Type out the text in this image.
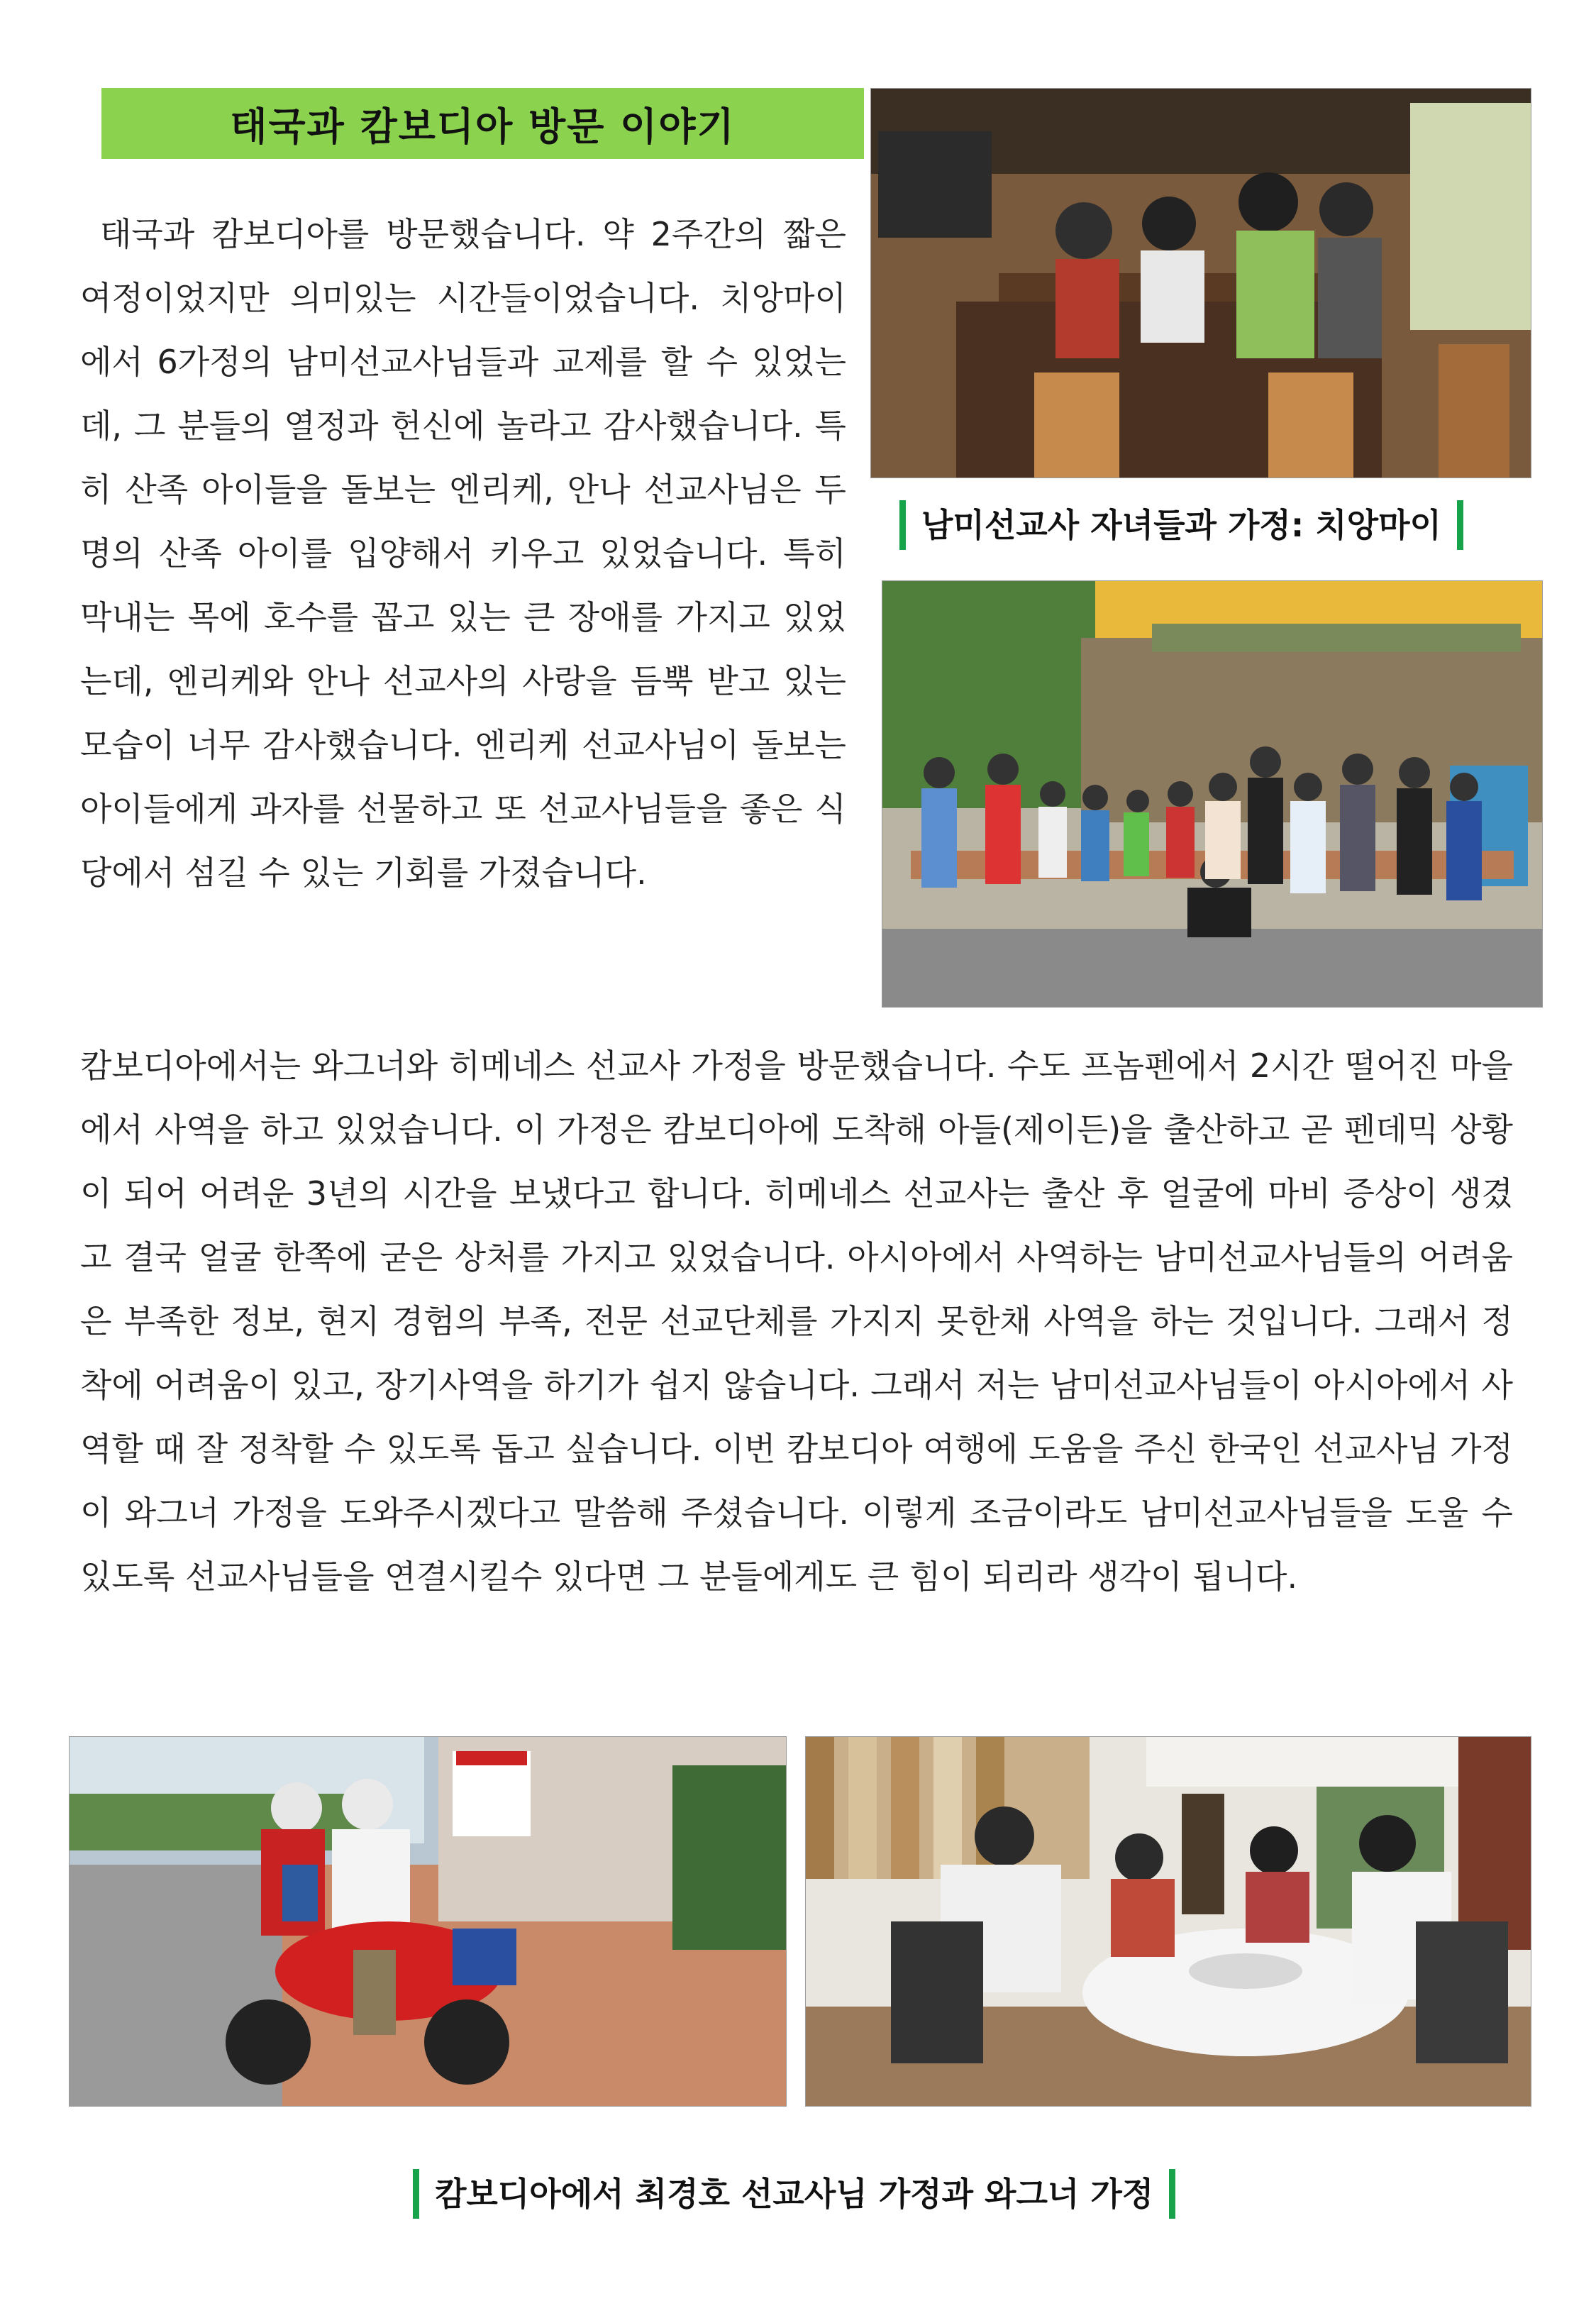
태국과 캄보디아 방문 이야기
태국과 캄보디아를 방문했습니다. 약 2주간의 짧은 여정이었지만 의미있는 시간들이었습니다. 치앙마이에서 6가정의 남미선교사님들과 교제를 할 수 있었는데, 그 분들의 열정과 헌신에 놀라고 감사했습니다. 특히 산족 아이들을 돌보는 엔리케, 안나 선교사님은 두 명의 산족 아이를 입양해서 키우고 있었습니다. 특히 막내는 목에 호수를 꼽고 있는 큰 장애를 가지고 있었는데, 엔리케와 안나 선교사의 사랑을 듬뿍 받고 있는 모습이 너무 감사했습니다. 엔리케 선교사님이 돌보는 아이들에게 과자를 선물하고 또 선교사님들을 좋은 식당에서 섬길 수 있는 기회를 가졌습니다.
남미선교사 자녀들과 가정: 치앙마이
캄보디아에서는 와그너와 히메네스 선교사 가정을 방문했습니다. 수도 프놈펜에서 2시간 떨어진 마을에서 사역을 하고 있었습니다. 이 가정은 캄보디아에 도착해 아들(제이든)을 출산하고 곧 펜데믹 상황이 되어 어려운 3년의 시간을 보냈다고 합니다. 히메네스 선교사는 출산 후 얼굴에 마비 증상이 생겼고 결국 얼굴 한쪽에 굳은 상처를 가지고 있었습니다. 아시아에서 사역하는 남미선교사님들의 어려움은 부족한 정보, 현지 경험의 부족, 전문 선교단체를 가지지 못한채 사역을 하는 것입니다. 그래서 정착에 어려움이 있고, 장기사역을 하기가 쉽지 않습니다. 그래서 저는 남미선교사님들이 아시아에서 사역할 때 잘 정착할 수 있도록 돕고 싶습니다. 이번 캄보디아 여행에 도움을 주신 한국인 선교사님 가정이 와그너 가정을 도와주시겠다고 말씀해 주셨습니다. 이렇게 조금이라도 남미선교사님들을 도울 수 있도록 선교사님들을 연결시킬수 있다면 그 분들에게도 큰 힘이 되리라 생각이 됩니다.
캄보디아에서 최경호 선교사님 가정과 와그너 가정
